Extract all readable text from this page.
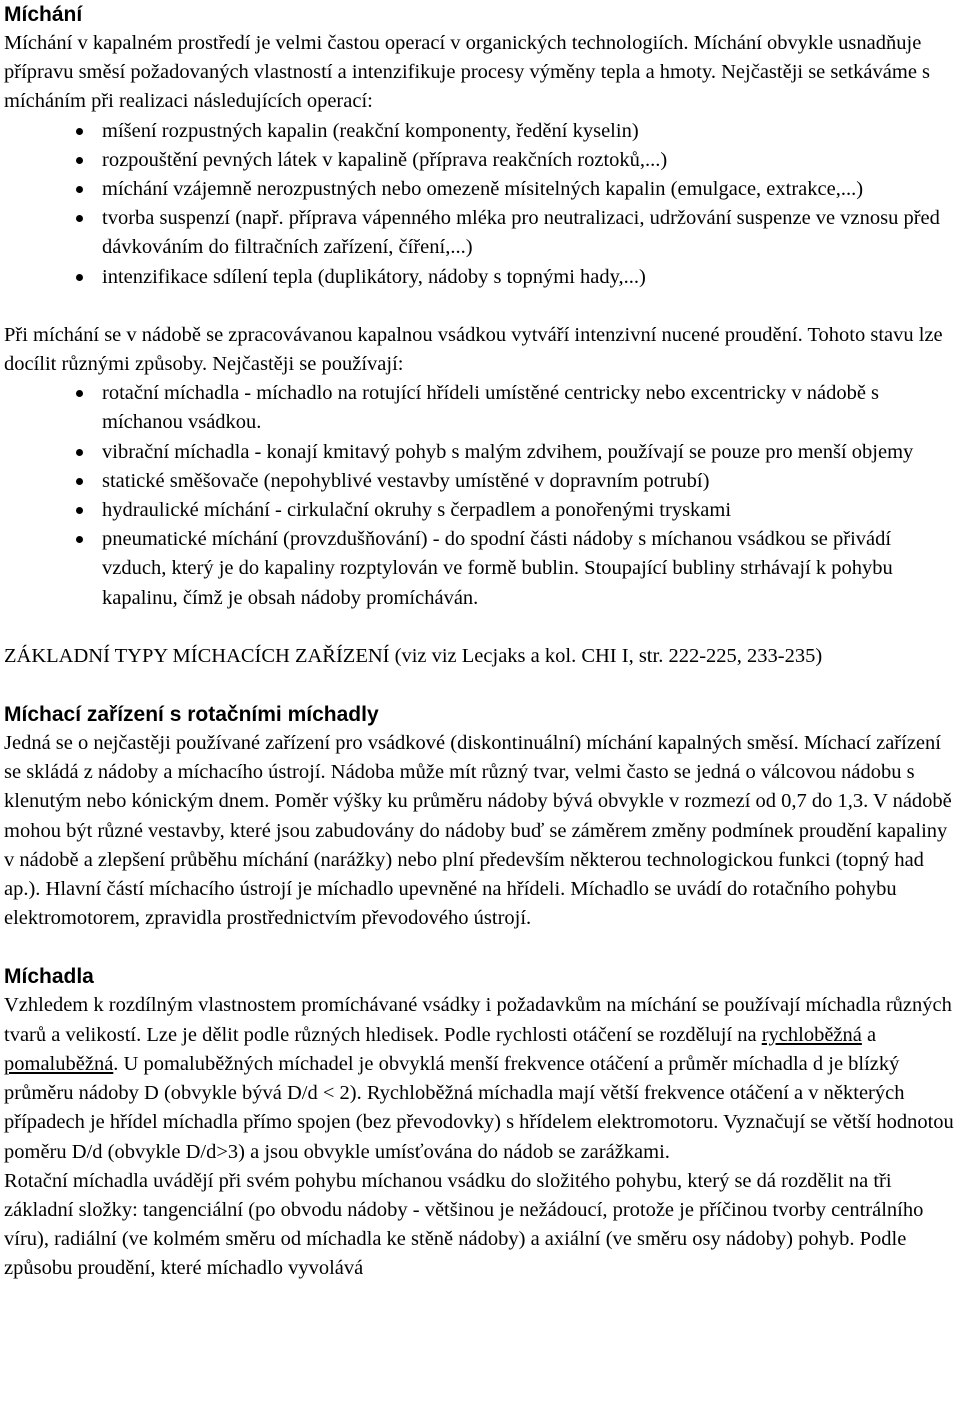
Míchání

Míchání v kapalném prostředí je velmi častou operací v organických technologiích. Míchání obvykle usnadňuje přípravu směsí požadovaných vlastností a intenzifikuje procesy výměny tepla a hmoty. Nejčastěji se setkáváme s mícháním při realizaci následujících operací:

míšení rozpustných kapalin (reakční komponenty, ředění kyselin)
rozpouštění pevných látek v kapalině (příprava reakčních roztoků,...)
míchání vzájemně nerozpustných nebo omezeně mísitelných kapalin (emulgace, extrakce,...)
tvorba suspenzí (např. příprava vápenného mléka pro neutralizaci, udržování suspenze ve vznosu před dávkováním do filtračních zařízení, číření,...)
intenzifikace sdílení tepla (duplikátory, nádoby s topnými hady,...)

Při míchání se v nádobě se zpracovávanou kapalnou vsádkou vytváří intenzivní nucené proudění. Tohoto stavu lze docílit různými způsoby. Nejčastěji se používají:

rotační míchadla - míchadlo na rotující hřídeli umístěné centricky nebo excentricky v nádobě s míchanou vsádkou.
vibrační míchadla - konají kmitavý pohyb s malým zdvihem, používají se pouze pro menší objemy
statické směšovače (nepohyblivé vestavby umístěné v dopravním potrubí)
hydraulické míchání - cirkulační okruhy s čerpadlem a ponořenými tryskami
pneumatické míchání (provzdušňování) - do spodní části nádoby s míchanou vsádkou se přivádí vzduch, který je do kapaliny rozptylován ve formě bublin. Stoupající bubliny strhávají k pohybu kapalinu, čímž je obsah nádoby promícháván.

ZÁKLADNÍ TYPY MÍCHACÍCH ZAŘÍZENÍ (viz viz Lecjaks a kol. CHI I, str. 222-225, 233-235)

Míchací zařízení s rotačními míchadly

Jedná se o nejčastěji používané zařízení pro vsádkové (diskontinuální) míchání kapalných směsí. Míchací zařízení se skládá z nádoby a míchacího ústrojí. Nádoba může mít různý tvar, velmi často se jedná o válcovou nádobu s klenutým nebo kónickým dnem. Poměr výšky ku průměru nádoby bývá obvykle v rozmezí od 0,7 do 1,3. V nádobě mohou být různé vestavby, které jsou zabudovány do nádoby buď se záměrem změny podmínek proudění kapaliny v nádobě a zlepšení průběhu míchání (narážky) nebo plní především některou technologickou funkci (topný had ap.). Hlavní částí míchacího ústrojí je míchadlo upevněné na hřídeli. Míchadlo se uvádí do rotačního pohybu elektromotorem, zpravidla prostřednictvím převodového ústrojí.

Míchadla

Vzhledem k rozdílným vlastnostem promíchávané vsádky i požadavkům na míchání se používají míchadla různých tvarů a velikostí. Lze je dělit podle různých hledisek. Podle rychlosti otáčení se rozdělují na rychloběžná a pomaluběžná. U pomaluběžných míchadel je obvyklá menší frekvence otáčení a průměr míchadla d je blízký průměru nádoby D (obvykle bývá D/d < 2). Rychloběžná míchadla mají větší frekvence otáčení a v některých případech je hřídel míchadla přímo spojen (bez převodovky) s hřídelem elektromotoru. Vyznačují se větší hodnotou poměru D/d (obvykle D/d>3) a jsou obvykle umísťována do nádob se zarážkami.

Rotační míchadla uvádějí při svém pohybu míchanou vsádku do složitého pohybu, který se dá rozdělit na tři základní složky: tangenciální (po obvodu nádoby - většinou je nežádoucí, protože je příčinou tvorby centrálního víru), radiální (ve kolmém směru od míchadla ke stěně nádoby) a axiální (ve směru osy nádoby) pohyb. Podle způsobu proudění, které míchadlo vyvolává
